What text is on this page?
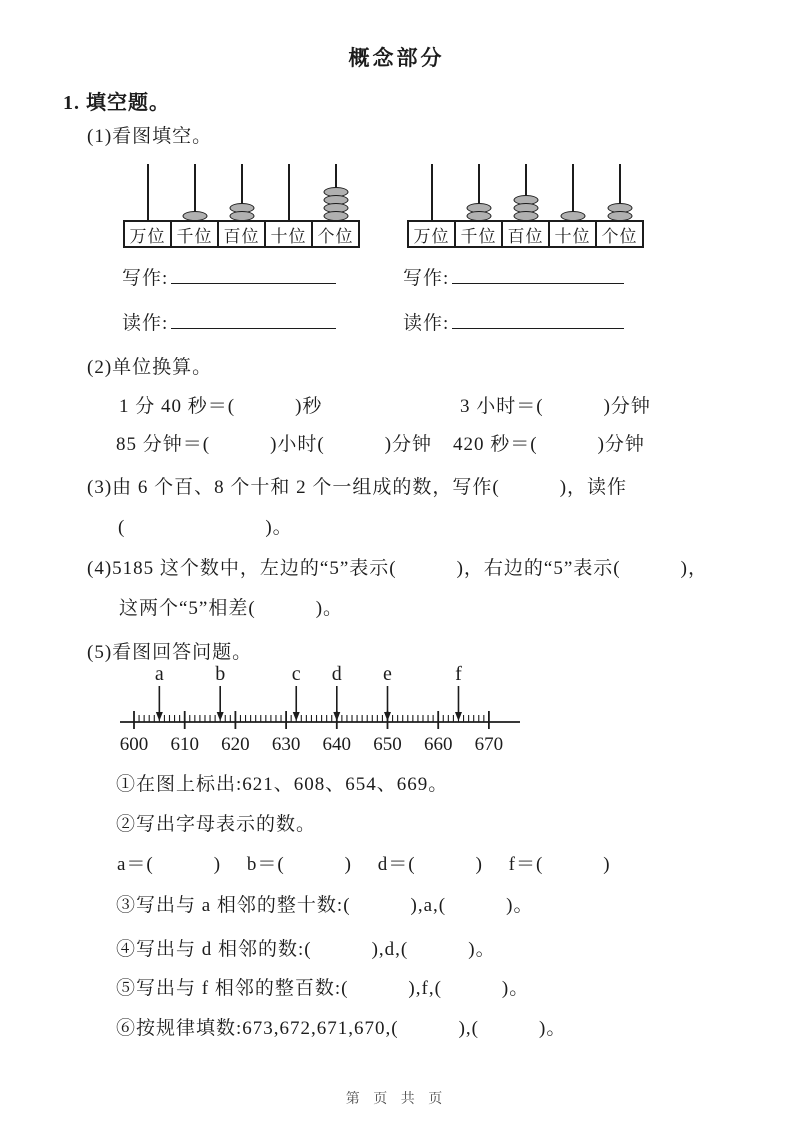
概念部分
1. 填空题。
(1)看图填空。
万位 千位 百位 十位 个位	万位 千位 百位 十位 个位
写作:	写作:
读作:	读作:
(2)单位换算。
1 分 40 秒＝(　　　)秒	3 小时＝(　　　)分钟
85 分钟＝(　　　)小时(　　　)分钟 420 秒＝(　　　)分钟
(3)由 6 个百、8 个十和 2 个一组成的数，写作(　　　)，读作
(　　　　　　　)。
(4)5185 这个数中，左边的“5”表示(　　　)，右边的“5”表示(　　　)，
这两个“5”相差(　　　)。
(5)看图回答问题。
600 610 620 630 640 650 660 670
a	b	c d e	f
①在图上标出:621、608、654、669。
②写出字母表示的数。
a＝(　　　)　 b＝(　　　)　 d＝(　　　)　 f＝(　　　)
③写出与 a 相邻的整十数:(　　　),a,(　　　)。
④写出与 d 相邻的数:(　　　),d,(　　　)。
⑤写出与 f 相邻的整百数:(　　　),f,(　　　)。
⑥按规律填数:673,672,671,670,(　　　),(　　　)。
第 页 共 页
